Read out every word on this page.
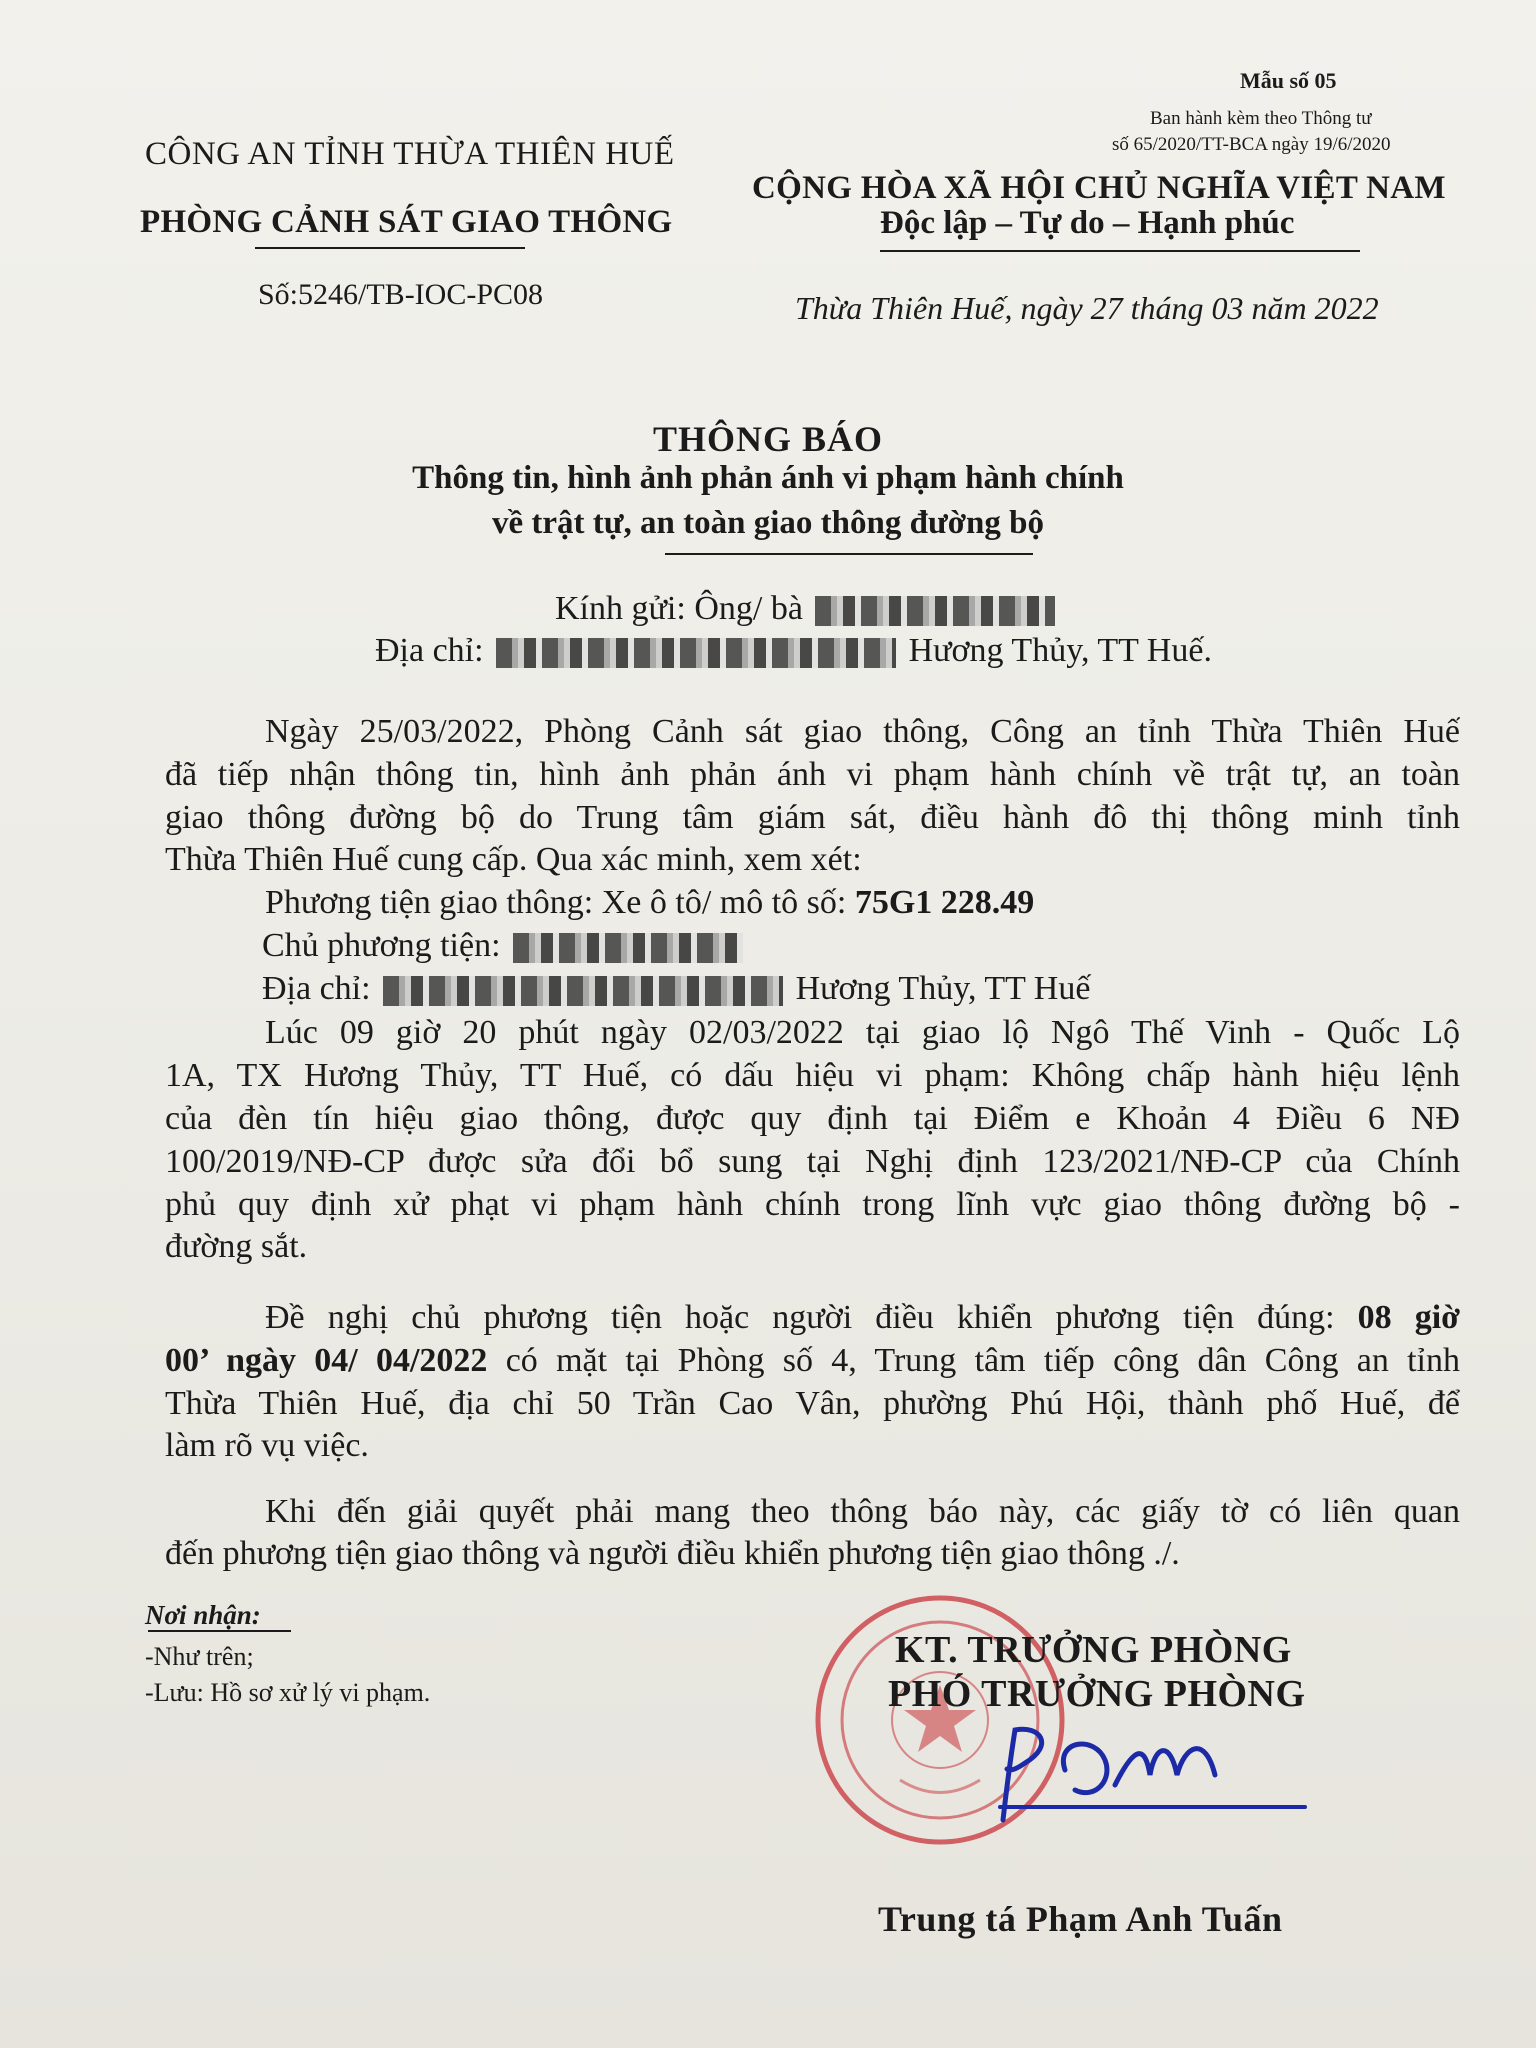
Mẫu số 05
Ban hành kèm theo Thông tư
số 65/2020/TT-BCA ngày 19/6/2020
CÔNG AN TỈNH THỪA THIÊN HUẾ
PHÒNG CẢNH SÁT GIAO THÔNG
Số:5246/TB-IOC-PC08
CỘNG HÒA XÃ HỘI CHỦ NGHĨA VIỆT NAM
Độc lập – Tự do – Hạnh phúc
Thừa Thiên Huế, ngày 27 tháng 03 năm 2022
THÔNG BÁO
Thông tin, hình ảnh phản ánh vi phạm hành chính
về trật tự, an toàn giao thông đường bộ
Kính gửi: Ông/ bà
Địa chỉ:	Hương Thủy, TT Huế.
Ngày 25/03/2022, Phòng Cảnh sát giao thông, Công an tỉnh Thừa Thiên Huế
đã tiếp nhận thông tin, hình ảnh phản ánh vi phạm hành chính về trật tự, an toàn
giao thông đường bộ do Trung tâm giám sát, điều hành đô thị thông minh tỉnh
Thừa Thiên Huế cung cấp. Qua xác minh, xem xét:
Phương tiện giao thông: Xe ô tô/ mô tô số: 75G1 228.49
Chủ phương tiện:
Địa chỉ:	Hương Thủy, TT Huế
Lúc 09 giờ 20 phút ngày 02/03/2022 tại giao lộ Ngô Thế Vinh - Quốc Lộ
1A, TX Hương Thủy, TT Huế, có dấu hiệu vi phạm: Không chấp hành hiệu lệnh
của đèn tín hiệu giao thông, được quy định tại Điểm e Khoản 4 Điều 6 NĐ
100/2019/NĐ-CP được sửa đổi bổ sung tại Nghị định 123/2021/NĐ-CP của Chính
phủ quy định xử phạt vi phạm hành chính trong lĩnh vực giao thông đường bộ -
đường sắt.
Đề nghị chủ phương tiện hoặc người điều khiển phương tiện đúng: 08 giờ
00’ ngày 04/ 04/2022 có mặt tại Phòng số 4, Trung tâm tiếp công dân Công an tỉnh
Thừa Thiên Huế, địa chỉ 50 Trần Cao Vân, phường Phú Hội, thành phố Huế, để
làm rõ vụ việc.
Khi đến giải quyết phải mang theo thông báo này, các giấy tờ có liên quan
đến phương tiện giao thông và người điều khiển phương tiện giao thông ./.
Nơi nhận:
-Như trên;
-Lưu: Hồ sơ xử lý vi phạm.
KT. TRƯỞNG PHÒNG
PHÓ TRƯỞNG PHÒNG
Trung tá Phạm Anh Tuấn
